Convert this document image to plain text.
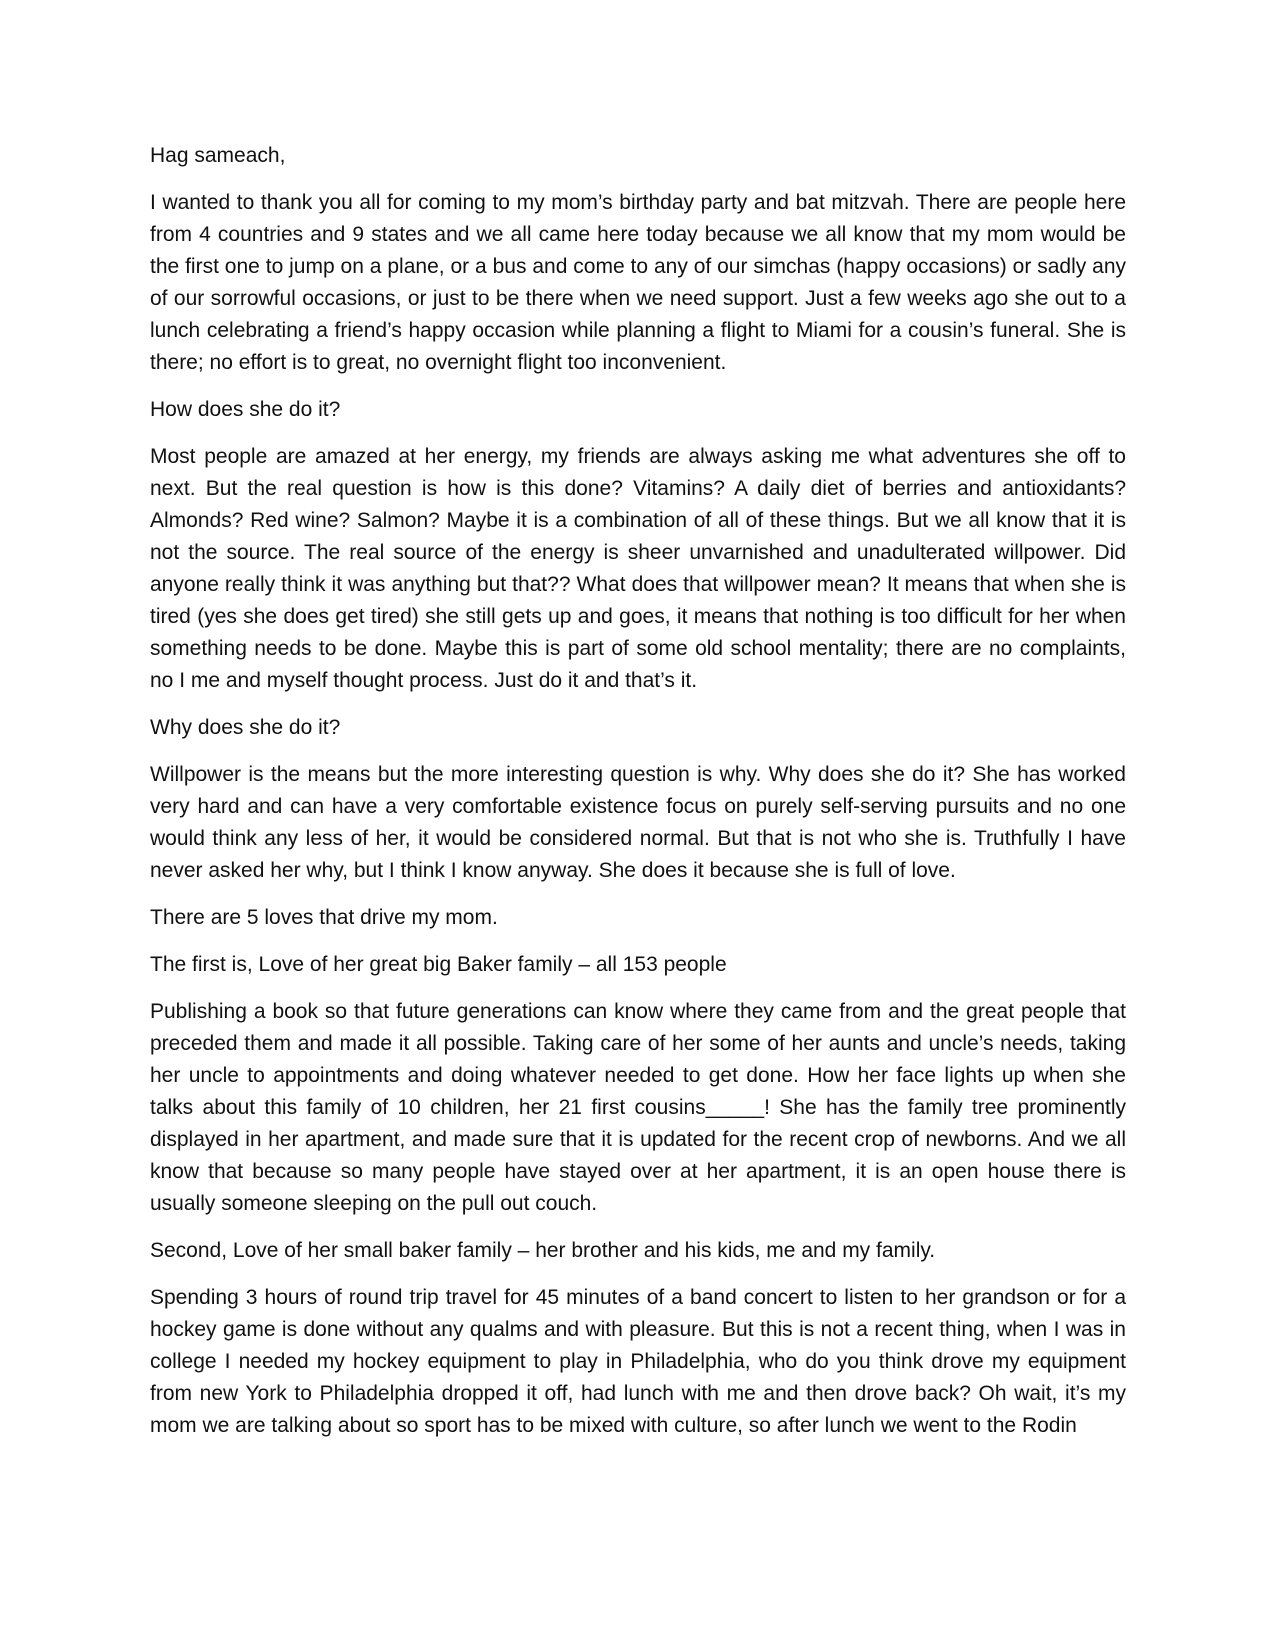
Hag sameach,

I wanted to thank you all for coming to my mom’s birthday party and bat mitzvah. There are people here from 4 countries and 9 states and we all came here today because we all know that my mom would be the first one to jump on a plane, or a bus and come to any of our simchas (happy occasions) or sadly any of our sorrowful occasions, or just to be there when we need support. Just a few weeks ago she out to a lunch celebrating a friend’s happy occasion while planning a flight to Miami for a cousin’s funeral. She is there; no effort is to great, no overnight flight too inconvenient.

How does she do it?

Most people are amazed at her energy, my friends are always asking me what adventures she off to next. But the real question is how is this done? Vitamins? A daily diet of berries and antioxidants? Almonds? Red wine? Salmon? Maybe it is a combination of all of these things. But we all know that it is not the source. The real source of the energy is sheer unvarnished and unadulterated willpower. Did anyone really think it was anything but that?? What does that willpower mean? It means that when she is tired (yes she does get tired) she still gets up and goes, it means that nothing is too difficult for her when something needs to be done. Maybe this is part of some old school mentality; there are no complaints, no I me and myself thought process. Just do it and that’s it.

Why does she do it?

Willpower is the means but the more interesting question is why. Why does she do it? She has worked very hard and can have a very comfortable existence focus on purely self-serving pursuits and no one would think any less of her, it would be considered normal. But that is not who she is. Truthfully I have never asked her why, but I think I know anyway. She does it because she is full of love.

There are 5 loves that drive my mom.

The first is, Love of her great big Baker family – all 153 people

Publishing a book so that future generations can know where they came from and the great people that preceded them and made it all possible. Taking care of her some of her aunts and uncle’s needs, taking her uncle to appointments and doing whatever needed to get done. How her face lights up when she talks about this family of 10 children, her 21 first cousins_____! She has the family tree prominently displayed in her apartment, and made sure that it is updated for the recent crop of newborns. And we all know that because so many people have stayed over at her apartment, it is an open house there is usually someone sleeping on the pull out couch.

Second, Love of her small baker family – her brother and his kids, me and my family.

Spending 3 hours of round trip travel for 45 minutes of a band concert to listen to her grandson or for a hockey game is done without any qualms and with pleasure. But this is not a recent thing, when I was in college I needed my hockey equipment to play in Philadelphia, who do you think drove my equipment from new York to Philadelphia dropped it off, had lunch with me and then drove back? Oh wait, it’s my mom we are talking about so sport has to be mixed with culture, so after lunch we went to the Rodin
